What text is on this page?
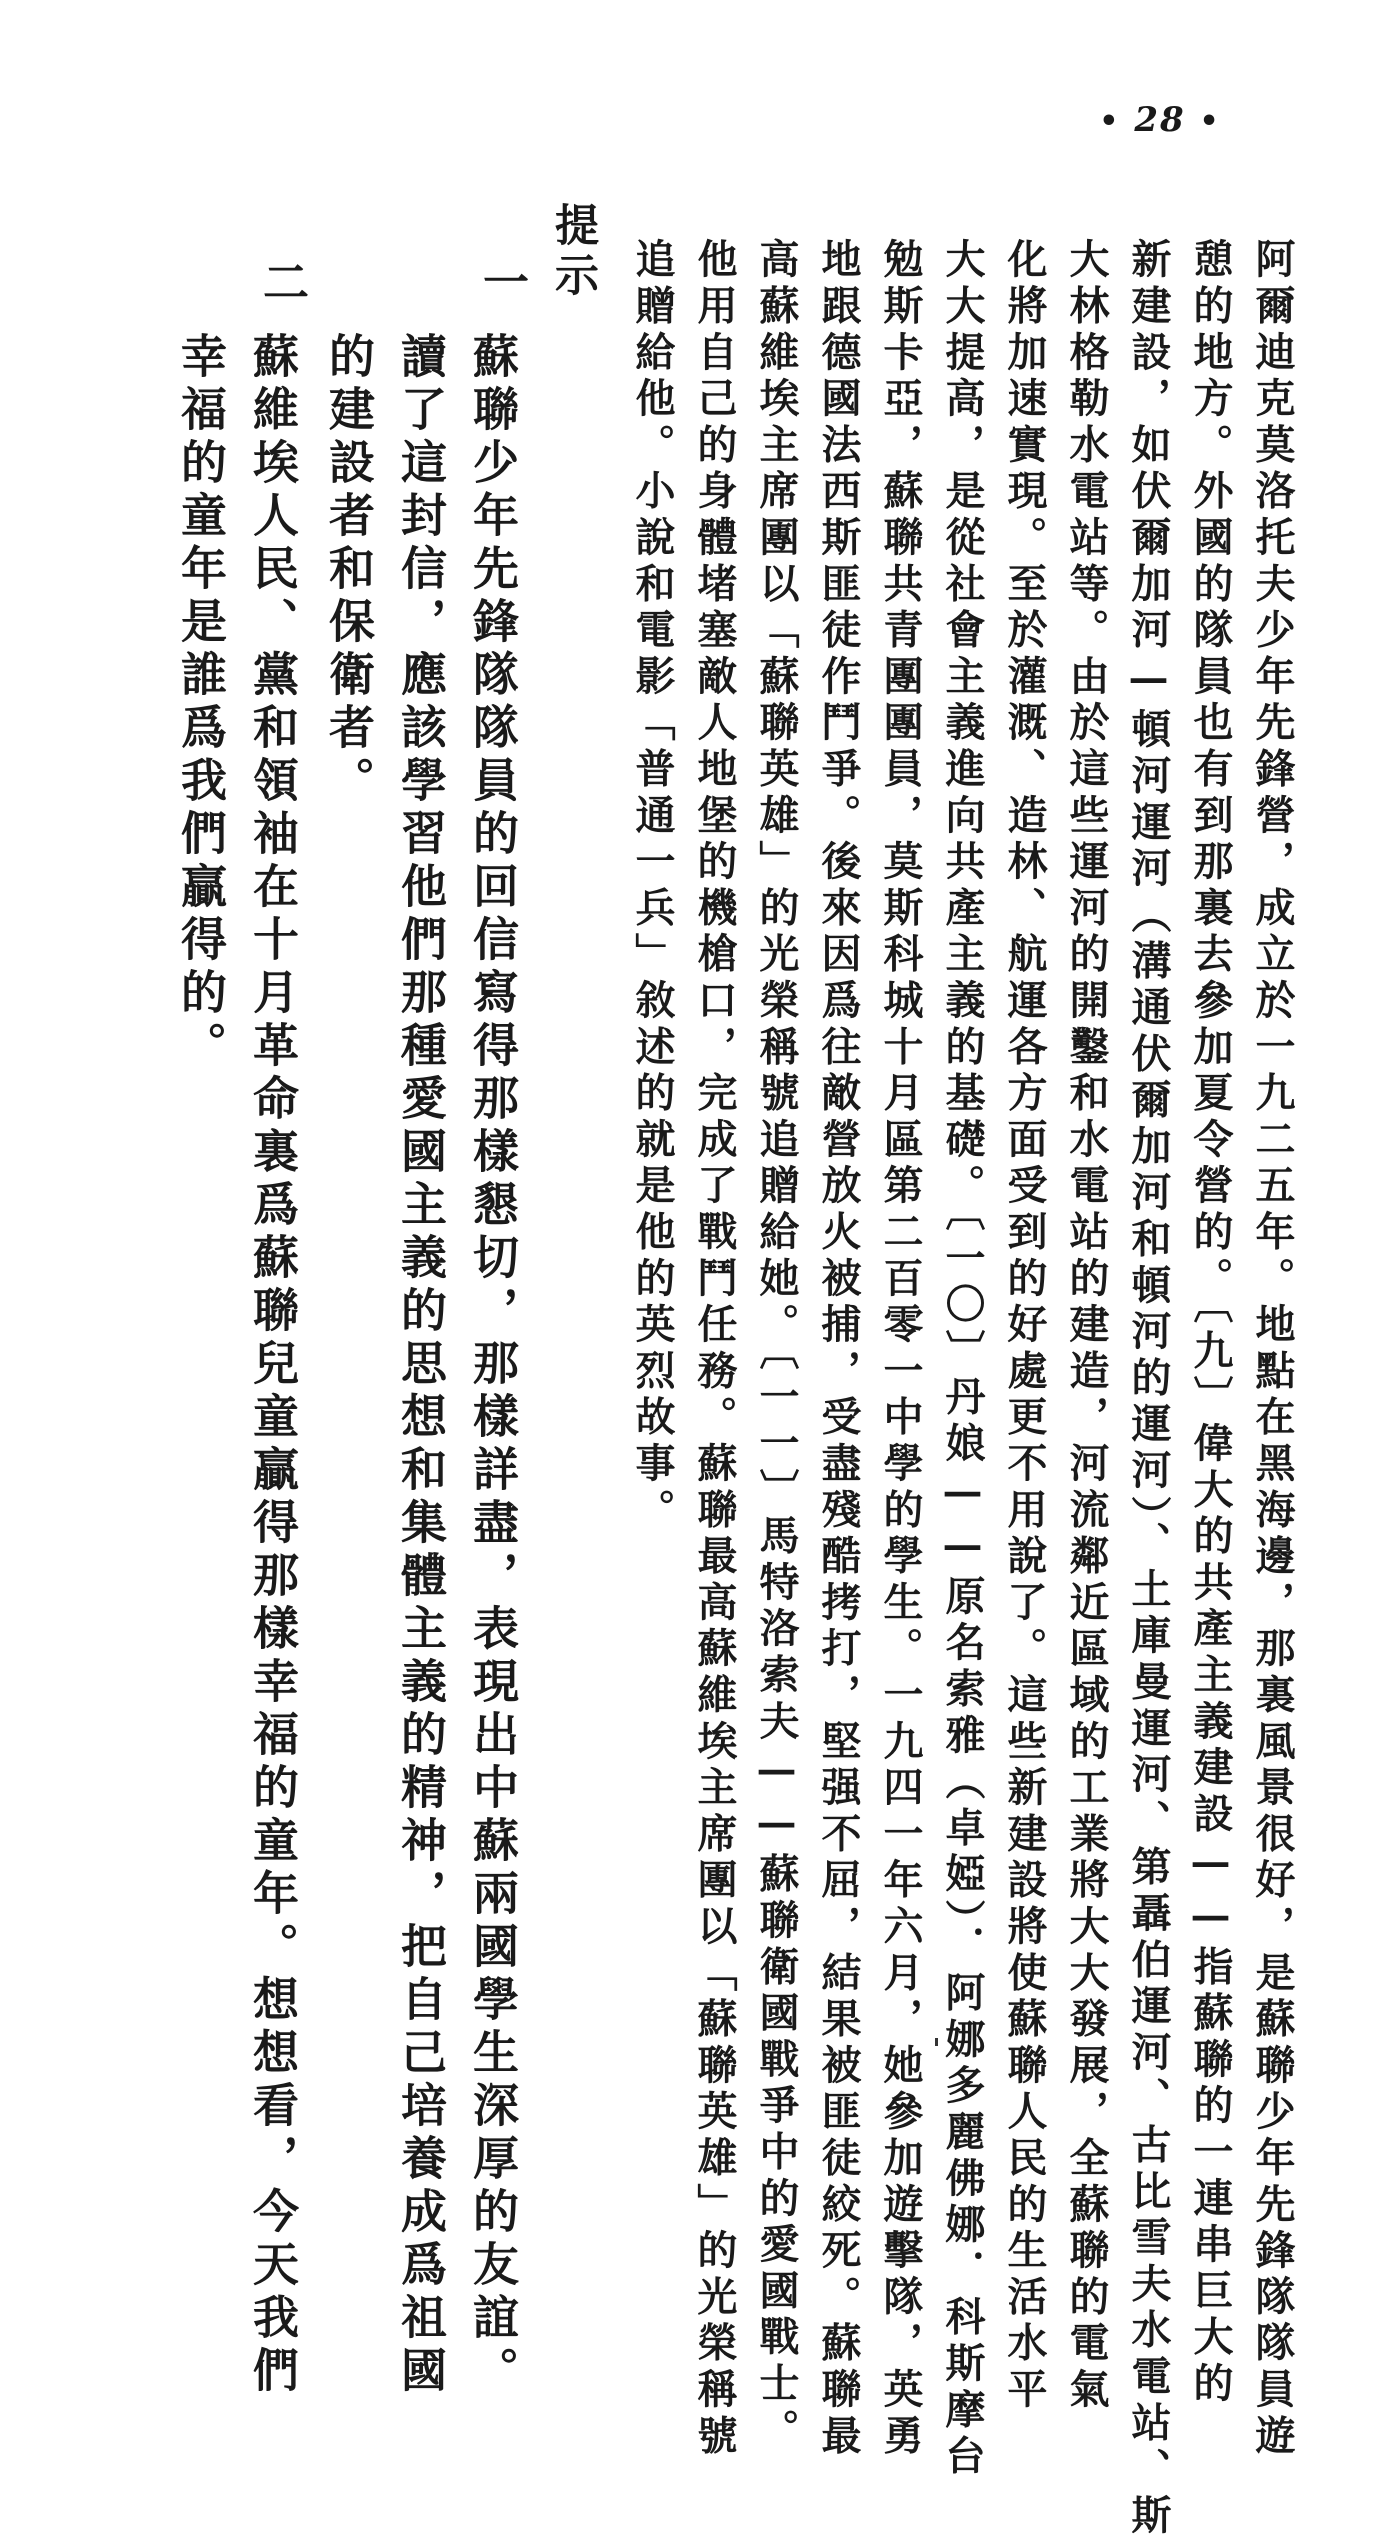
• 28 •
阿爾迪克莫洛托夫少年先鋒營，成立於一九二五年。地點在黑海邊，那裏風景很好，是蘇聯少年先鋒隊隊員遊
憩的地方。外國的隊員也有到那裏去參加夏令營的。〔九〕偉大的共產主義建設——指蘇聯的一連串巨大的
新建設，如伏爾加河—頓河運河（溝通伏爾加河和頓河的運河）、土庫曼運河、第聶伯運河、古比雪夫水電站、斯
大林格勒水電站等。由於這些運河的開鑿和水電站的建造，河流鄰近區域的工業將大大發展，全蘇聯的電氣
化將加速實現。至於灌溉、造林、航運各方面受到的好處更不用說了。這些新建設將使蘇聯人民的生活水平
大大提高，是從社會主義進向共產主義的基礎。〔一〇〕丹娘——原名索雅（卓婭）．阿娜多麗佛娜．科斯摩台
勉斯卡亞，蘇聯共青團團員，莫斯科城十月區第二百零一中學的學生。一九四一年六月，她參加遊擊隊，英勇
地跟德國法西斯匪徒作鬥爭。後來因爲往敵營放火被捕，受盡殘酷拷打，堅强不屈，結果被匪徒絞死。蘇聯最
高蘇維埃主席團以「蘇聯英雄」的光榮稱號追贈給她。〔一一〕馬特洛索夫——蘇聯衛國戰爭中的愛國戰士。
他用自己的身體堵塞敵人地堡的機槍口，完成了戰鬥任務。蘇聯最高蘇維埃主席團以「蘇聯英雄」的光榮稱號
追贈給他。小說和電影「普通一兵」敘述的就是他的英烈故事。
提示
一
蘇聯少年先鋒隊隊員的回信寫得那樣懇切，那樣詳盡，表現出中蘇兩國學生深厚的友誼。
讀了這封信，應該學習他們那種愛國主義的思想和集體主義的精神，把自己培養成爲祖國
的建設者和保衛者。
二
蘇維埃人民、黨和領袖在十月革命裏爲蘇聯兒童贏得那樣幸福的童年。想想看，今天我們
幸福的童年是誰爲我們贏得的。
